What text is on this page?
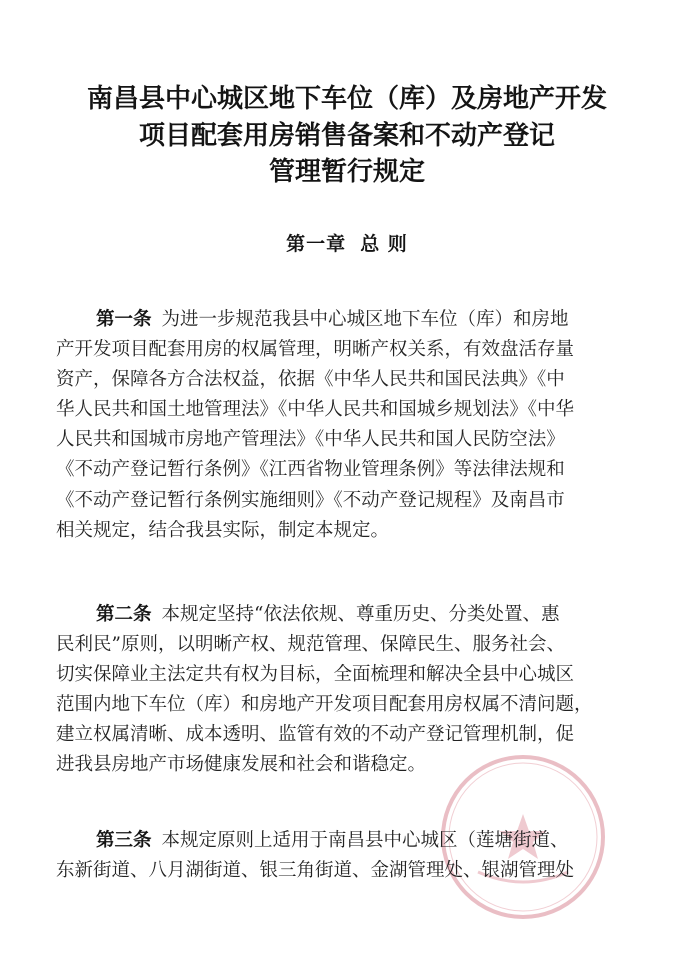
南昌县中心城区地下车位（库）及房地产开发
项目配套用房销售备案和不动产登记
管理暂行规定
第一章 总 则
第一条 为进一步规范我县中心城区地下车位（库）和房地
产开发项目配套用房的权属管理，明晰产权关系，有效盘活存量
资产，保障各方合法权益，依据《中华人民共和国民法典》《中
华人民共和国土地管理法》《中华人民共和国城乡规划法》《中华
人民共和国城市房地产管理法》《中华人民共和国人民防空法》
《不动产登记暂行条例》《江西省物业管理条例》等法律法规和
《不动产登记暂行条例实施细则》《不动产登记规程》及南昌市
相关规定，结合我县实际，制定本规定。
第二条 本规定坚持“依法依规、尊重历史、分类处置、惠
民利民”原则，以明晰产权、规范管理、保障民生、服务社会、
切实保障业主法定共有权为目标，全面梳理和解决全县中心城区
范围内地下车位（库）和房地产开发项目配套用房权属不清问题，
建立权属清晰、成本透明、监管有效的不动产登记管理机制，促
进我县房地产市场健康发展和社会和谐稳定。
第三条 本规定原则上适用于南昌县中心城区（莲塘街道、
东新街道、八月湖街道、银三角街道、金湖管理处、银湖管理处
